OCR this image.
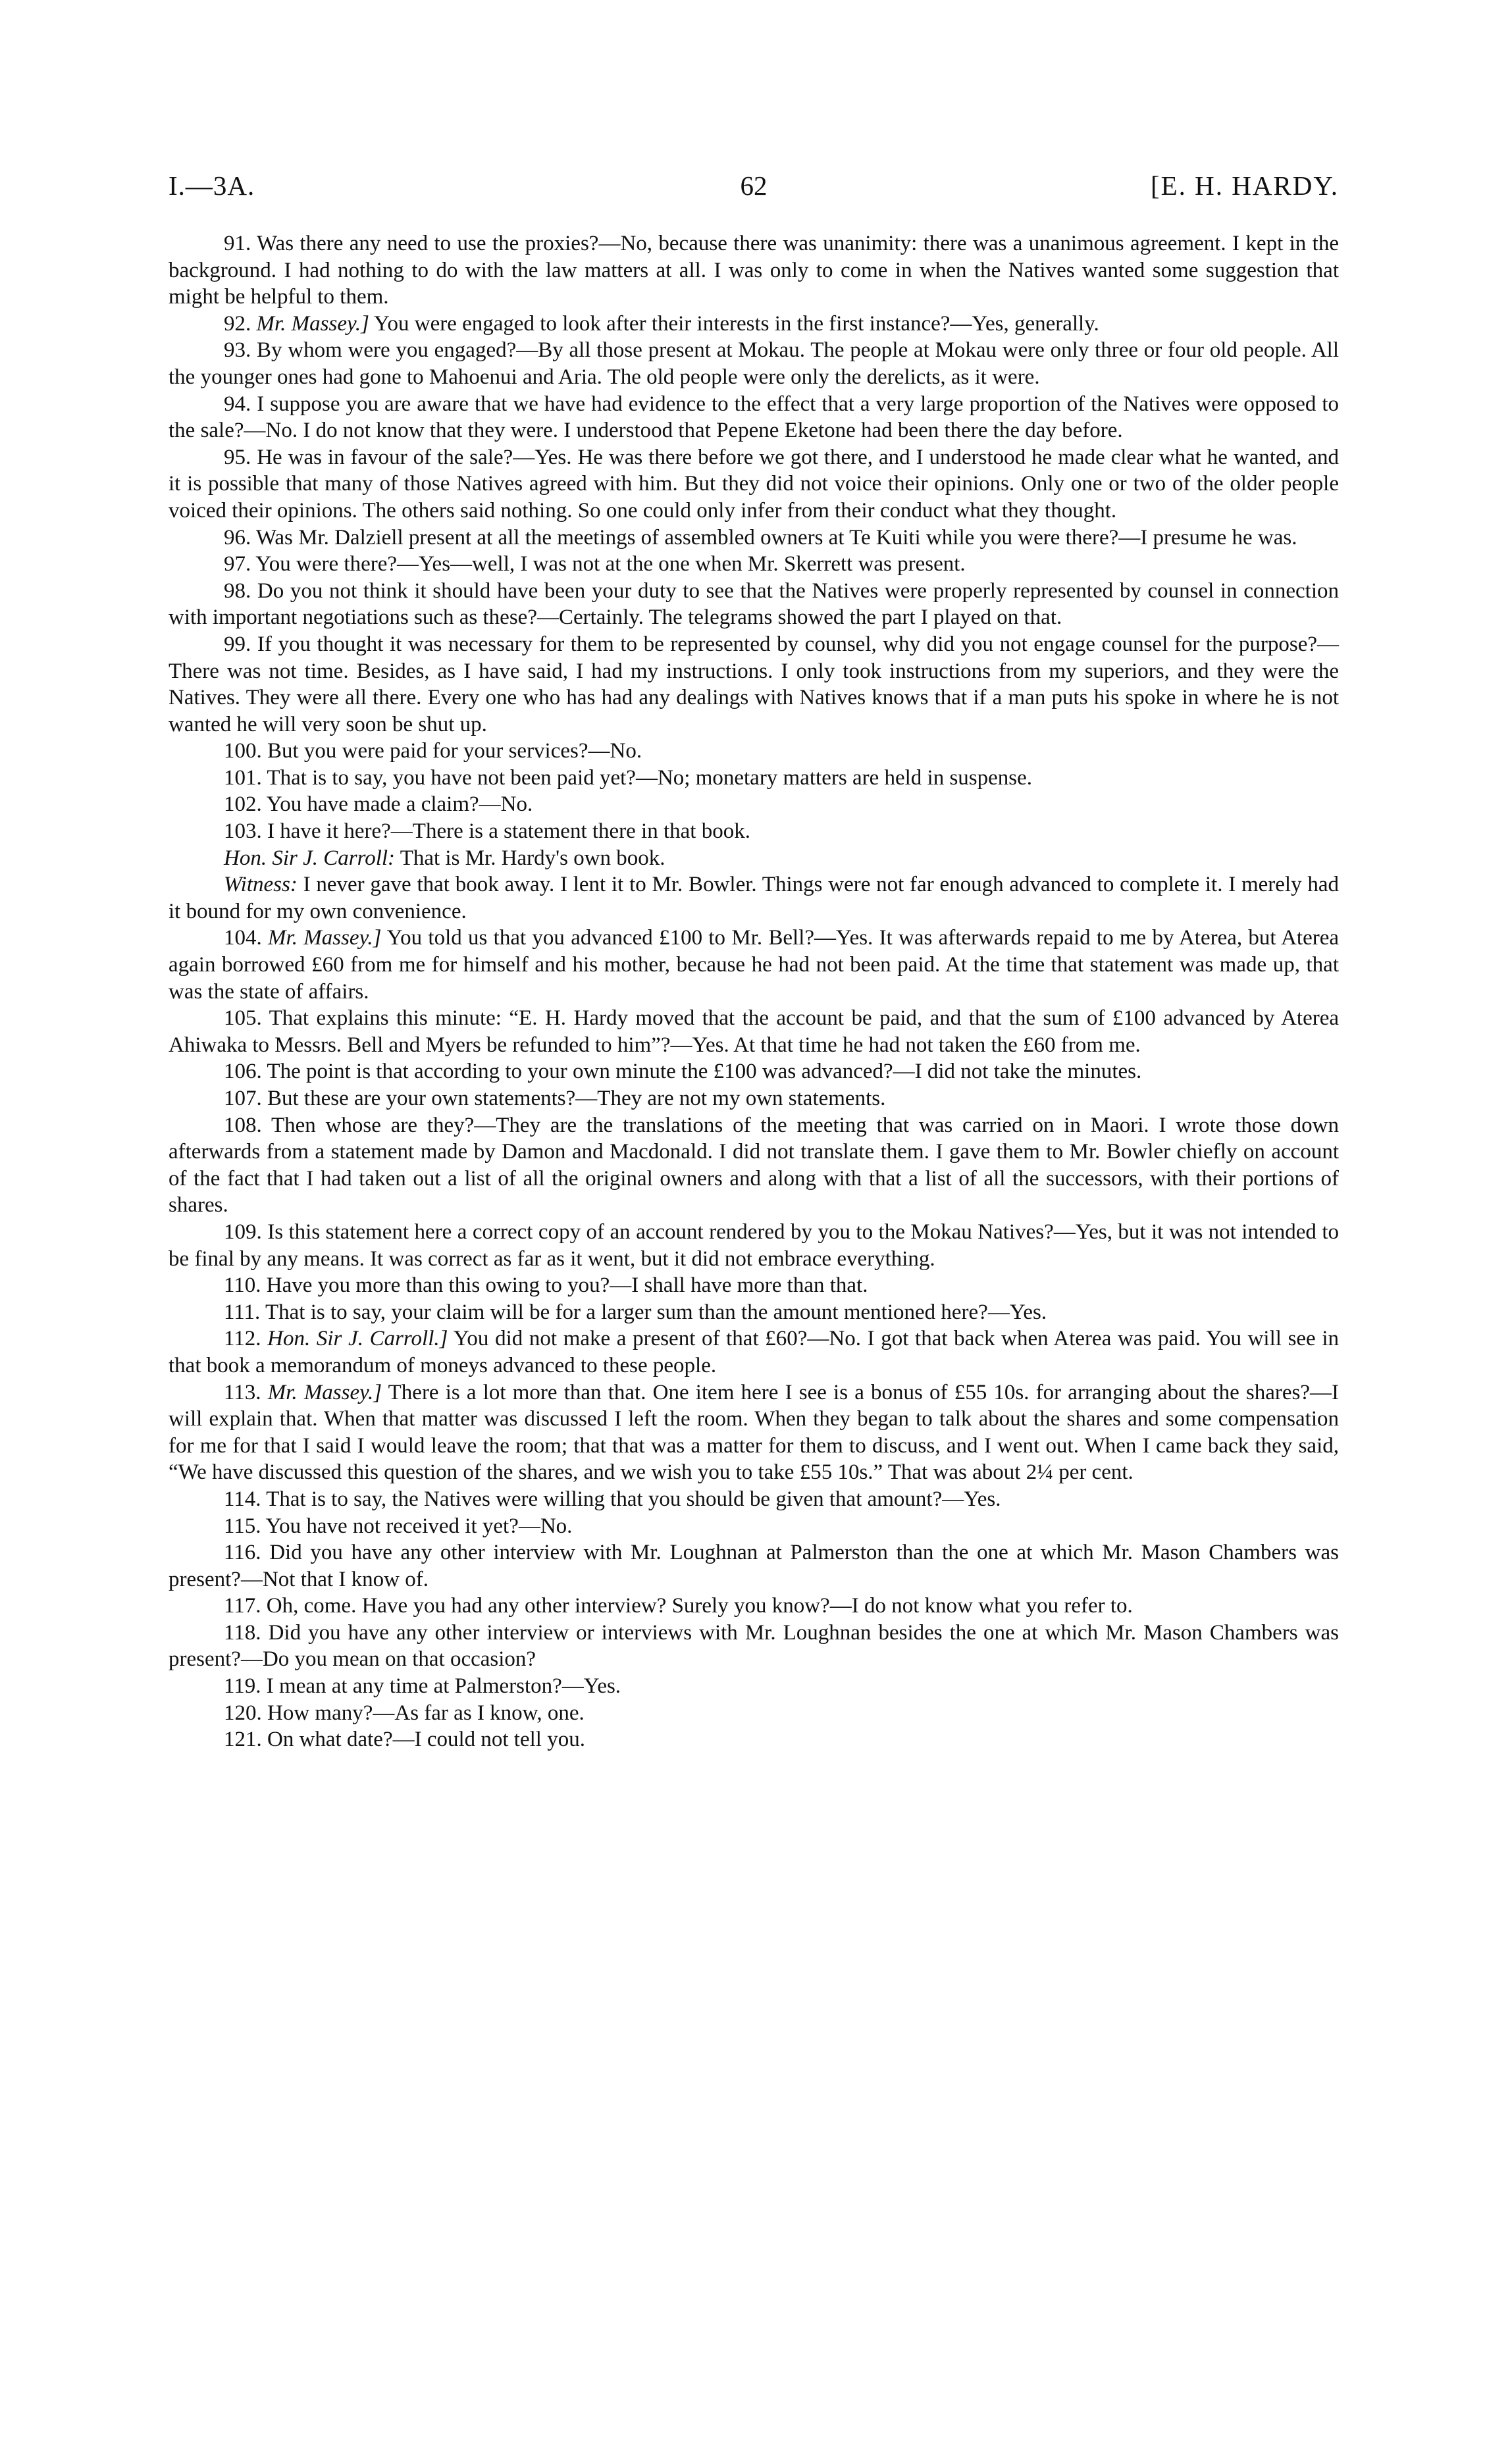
I.—3A.	62	[E. H. HARDY.

91. Was there any need to use the proxies?—No, because there was unanimity: there was a unanimous agreement. I kept in the background. I had nothing to do with the law matters at all. I was only to come in when the Natives wanted some suggestion that might be helpful to them.

92. Mr. Massey.] You were engaged to look after their interests in the first instance?—Yes, generally.

93. By whom were you engaged?—By all those present at Mokau. The people at Mokau were only three or four old people. All the younger ones had gone to Mahoenui and Aria. The old people were only the derelicts, as it were.

94. I suppose you are aware that we have had evidence to the effect that a very large proportion of the Natives were opposed to the sale?—No. I do not know that they were. I understood that Pepene Eketone had been there the day before.

95. He was in favour of the sale?—Yes. He was there before we got there, and I understood he made clear what he wanted, and it is possible that many of those Natives agreed with him. But they did not voice their opinions. Only one or two of the older people voiced their opinions. The others said nothing. So one could only infer from their conduct what they thought.

96. Was Mr. Dalziell present at all the meetings of assembled owners at Te Kuiti while you were there?—I presume he was.

97. You were there?—Yes—well, I was not at the one when Mr. Skerrett was present.

98. Do you not think it should have been your duty to see that the Natives were properly represented by counsel in connection with important negotiations such as these?—Certainly. The telegrams showed the part I played on that.

99. If you thought it was necessary for them to be represented by counsel, why did you not engage counsel for the purpose?—There was not time. Besides, as I have said, I had my instructions. I only took instructions from my superiors, and they were the Natives. They were all there. Every one who has had any dealings with Natives knows that if a man puts his spoke in where he is not wanted he will very soon be shut up.

100. But you were paid for your services?—No.

101. That is to say, you have not been paid yet?—No; monetary matters are held in suspense.

102. You have made a claim?—No.

103. I have it here?—There is a statement there in that book.

Hon. Sir J. Carroll: That is Mr. Hardy's own book.

Witness: I never gave that book away. I lent it to Mr. Bowler. Things were not far enough advanced to complete it. I merely had it bound for my own convenience.

104. Mr. Massey.] You told us that you advanced £100 to Mr. Bell?—Yes. It was afterwards repaid to me by Aterea, but Aterea again borrowed £60 from me for himself and his mother, because he had not been paid. At the time that statement was made up, that was the state of affairs.

105. That explains this minute: “E. H. Hardy moved that the account be paid, and that the sum of £100 advanced by Aterea Ahiwaka to Messrs. Bell and Myers be refunded to him”?—Yes. At that time he had not taken the £60 from me.

106. The point is that according to your own minute the £100 was advanced?—I did not take the minutes.

107. But these are your own statements?—They are not my own statements.

108. Then whose are they?—They are the translations of the meeting that was carried on in Maori. I wrote those down afterwards from a statement made by Damon and Macdonald. I did not translate them. I gave them to Mr. Bowler chiefly on account of the fact that I had taken out a list of all the original owners and along with that a list of all the successors, with their portions of shares.

109. Is this statement here a correct copy of an account rendered by you to the Mokau Natives?—Yes, but it was not intended to be final by any means. It was correct as far as it went, but it did not embrace everything.

110. Have you more than this owing to you?—I shall have more than that.

111. That is to say, your claim will be for a larger sum than the amount mentioned here?—Yes.

112. Hon. Sir J. Carroll.] You did not make a present of that £60?—No. I got that back when Aterea was paid. You will see in that book a memorandum of moneys advanced to these people.

113. Mr. Massey.] There is a lot more than that. One item here I see is a bonus of £55 10s. for arranging about the shares?—I will explain that. When that matter was discussed I left the room. When they began to talk about the shares and some compensation for me for that I said I would leave the room; that that was a matter for them to discuss, and I went out. When I came back they said, “We have discussed this question of the shares, and we wish you to take £55 10s.” That was about 2¼ per cent.

114. That is to say, the Natives were willing that you should be given that amount?—Yes.

115. You have not received it yet?—No.

116. Did you have any other interview with Mr. Loughnan at Palmerston than the one at which Mr. Mason Chambers was present?—Not that I know of.

117. Oh, come. Have you had any other interview? Surely you know?—I do not know what you refer to.

118. Did you have any other interview or interviews with Mr. Loughnan besides the one at which Mr. Mason Chambers was present?—Do you mean on that occasion?

119. I mean at any time at Palmerston?—Yes.

120. How many?—As far as I know, one.

121. On what date?—I could not tell you.
